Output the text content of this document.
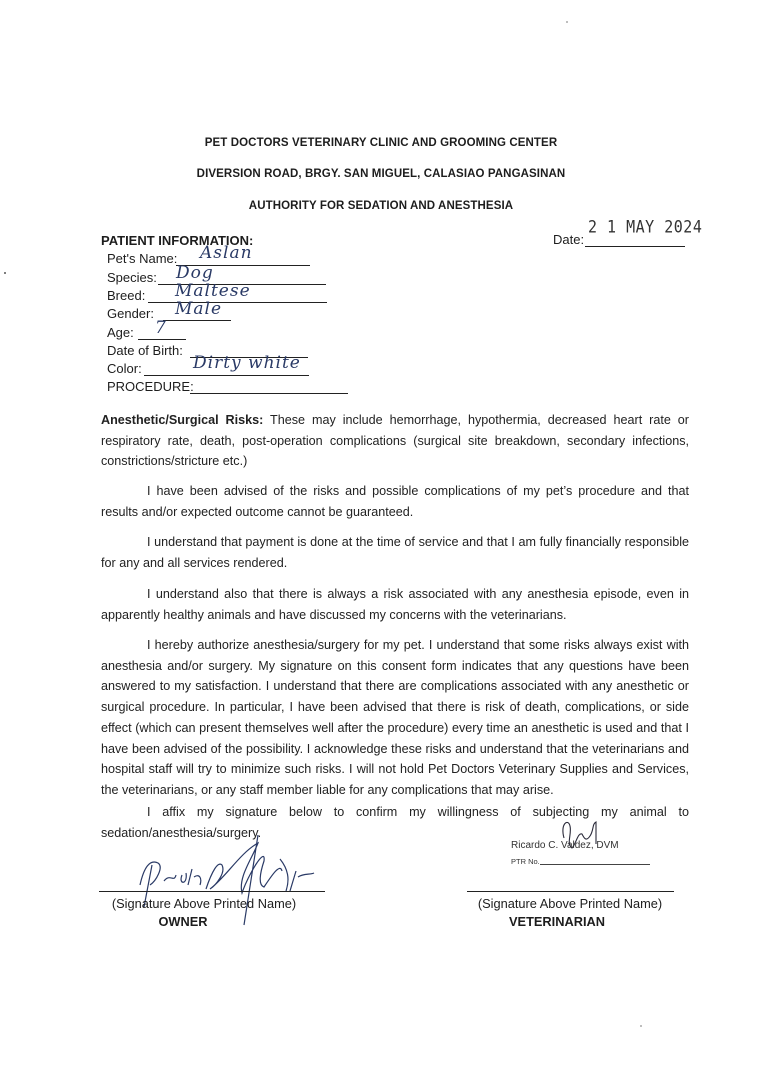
PET DOCTORS VETERINARY CLINIC AND GROOMING CENTER
DIVERSION ROAD, BRGY. SAN MIGUEL, CALASIAO PANGASINAN
AUTHORITY FOR SEDATION AND ANESTHESIA
2 1 MAY 2024
Date:
PATIENT INFORMATION:
Pet's Name: Aslan
Species: Dog
Breed: Maltese
Gender: Male
Age: 7
Date of Birth:
Color:	Dirty white
PROCEDURE:
Anesthetic/Surgical Risks: These may include hemorrhage, hypothermia, decreased heart rate or respiratory rate, death, post-operation complications (surgical site breakdown, secondary infections, constrictions/stricture etc.)
I have been advised of the risks and possible complications of my pet’s procedure and that results and/or expected outcome cannot be guaranteed.
I understand that payment is done at the time of service and that I am fully financially responsible for any and all services rendered.
I understand also that there is always a risk associated with any anesthesia episode, even in apparently healthy animals and have discussed my concerns with the veterinarians.
I hereby authorize anesthesia/surgery for my pet. I understand that some risks always exist with anesthesia and/or surgery. My signature on this consent form indicates that any questions have been answered to my satisfaction. I understand that there are complications associated with any anesthetic or surgical procedure. In particular, I have been advised that there is risk of death, complications, or side effect (which can present themselves well after the procedure) every time an anesthetic is used and that I have been advised of the possibility. I acknowledge these risks and understand that the veterinarians and hospital staff will try to minimize such risks. I will not hold Pet Doctors Veterinary Supplies and Services, the veterinarians, or any staff member liable for any complications that may arise.
I affix my signature below to confirm my willingness of subjecting my animal to sedation/anesthesia/surgery.
(Signature Above Printed Name)
OWNER
Ricardo C. Valdez, DVM
PTR No.
(Signature Above Printed Name)
VETERINARIAN
